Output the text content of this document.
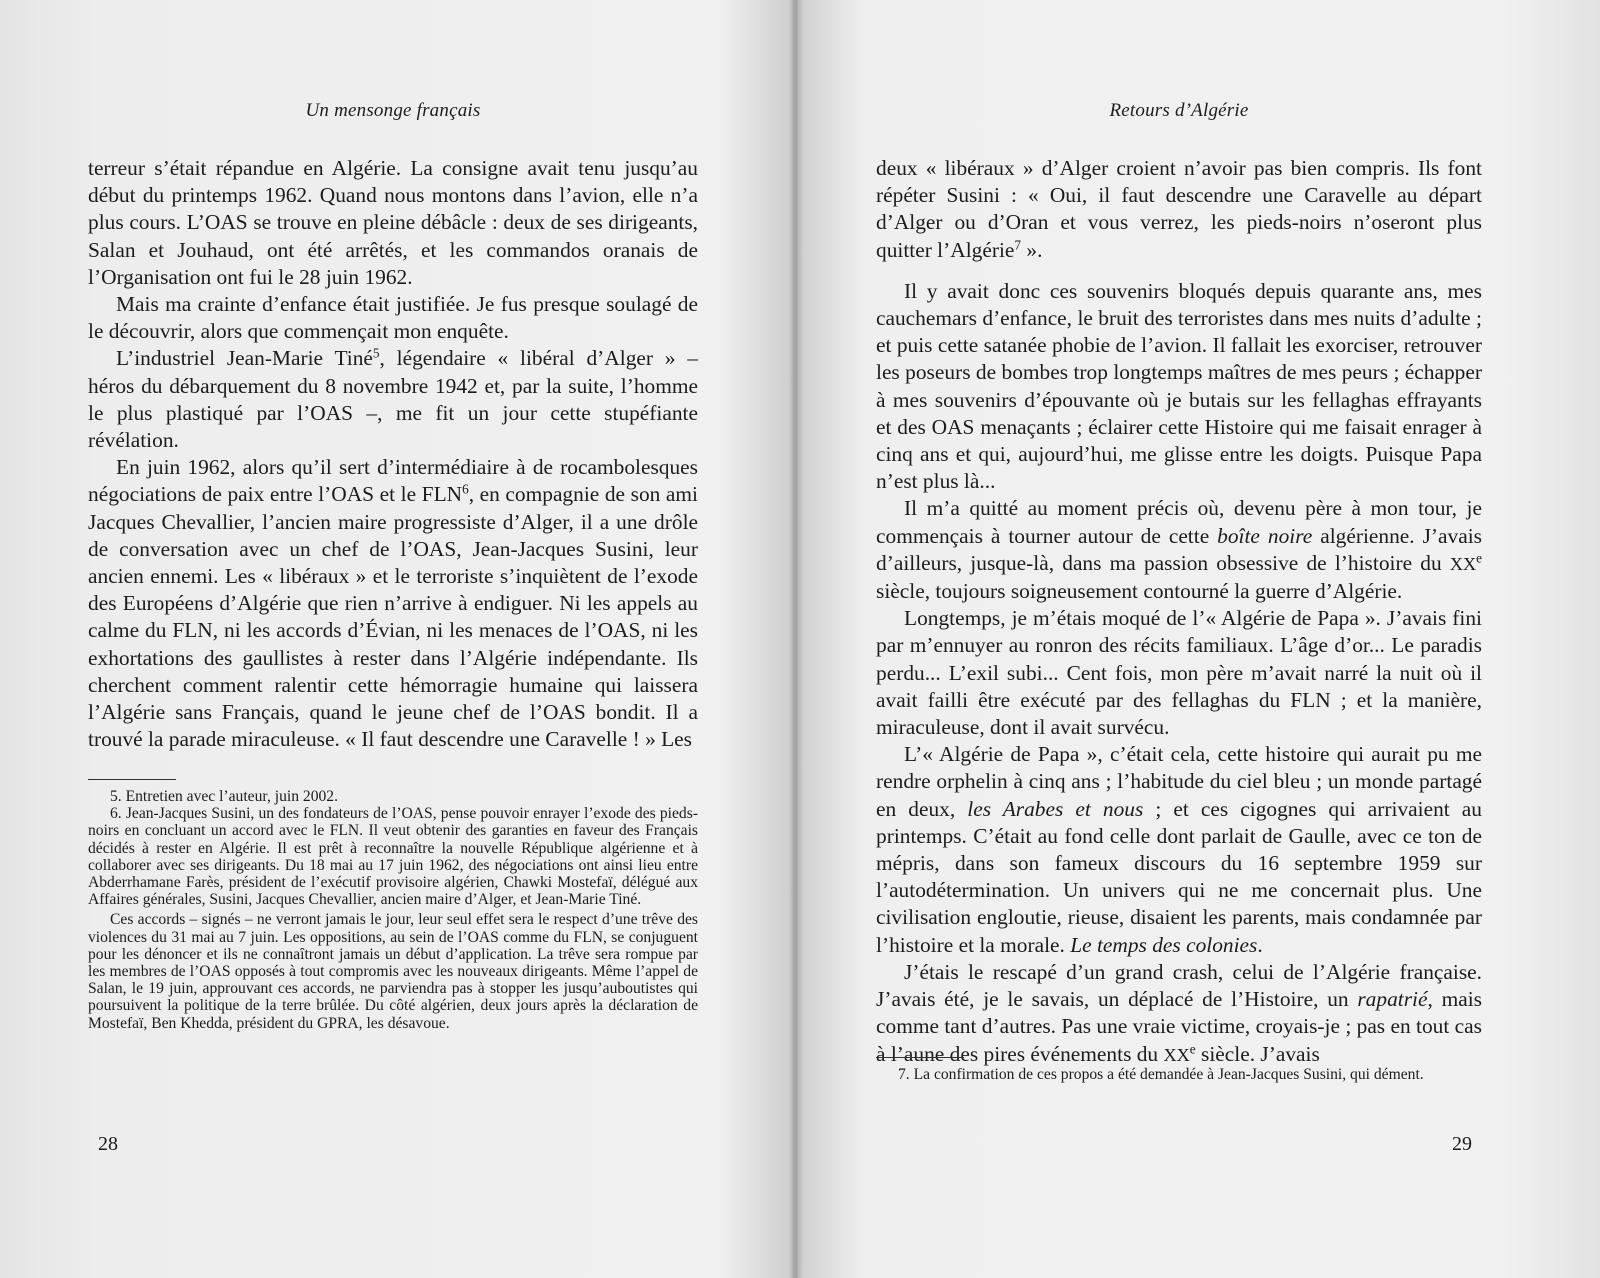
Un mensonge français

terreur s’était répandue en Algérie. La consigne avait tenu jusqu’au début du printemps 1962. Quand nous montons dans l’avion, elle n’a plus cours. L’OAS se trouve en pleine débâcle : deux de ses dirigeants, Salan et Jouhaud, ont été arrêtés, et les commandos oranais de l’Organisation ont fui le 28 juin 1962.

Mais ma crainte d’enfance était justifiée. Je fus presque soulagé de le découvrir, alors que commençait mon enquête.

L’industriel Jean-Marie Tiné$^5$, légendaire « libéral d’Alger » – héros du débarquement du 8 novembre 1942 et, par la suite, l’homme le plus plastiqué par l’OAS –, me fit un jour cette stupéfiante révélation.

En juin 1962, alors qu’il sert d’intermédiaire à de rocambolesques négociations de paix entre l’OAS et le FLN$^6$, en compagnie de son ami Jacques Chevallier, l’ancien maire progressiste d’Alger, il a une drôle de conversation avec un chef de l’OAS, Jean-Jacques Susini, leur ancien ennemi. Les « libéraux » et le terroriste s’inquiètent de l’exode des Européens d’Algérie que rien n’arrive à endiguer. Ni les appels au calme du FLN, ni les accords d’Évian, ni les menaces de l’OAS, ni les exhortations des gaullistes à rester dans l’Algérie indépendante. Ils cherchent comment ralentir cette hémorragie humaine qui laissera l’Algérie sans Français, quand le jeune chef de l’OAS bondit. Il a trouvé la parade miraculeuse. « Il faut descendre une Caravelle ! » Les

5. Entretien avec l’auteur, juin 2002.

6. Jean-Jacques Susini, un des fondateurs de l’OAS, pense pouvoir enrayer l’exode des pieds-noirs en concluant un accord avec le FLN. Il veut obtenir des garanties en faveur des Français décidés à rester en Algérie. Il est prêt à reconnaître la nouvelle République algérienne et à collaborer avec ses dirigeants. Du 18 mai au 17 juin 1962, des négociations ont ainsi lieu entre Abderrhamane Farès, président de l’exécutif provisoire algérien, Chawki Mostefaï, délégué aux Affaires générales, Susini, Jacques Chevallier, ancien maire d’Alger, et Jean-Marie Tiné.

Ces accords – signés – ne verront jamais le jour, leur seul effet sera le respect d’une trêve des violences du 31 mai au 7 juin. Les oppositions, au sein de l’OAS comme du FLN, se conjuguent pour les dénoncer et ils ne connaîtront jamais un début d’application. La trêve sera rompue par les membres de l’OAS opposés à tout compromis avec les nouveaux dirigeants. Même l’appel de Salan, le 19 juin, approuvant ces accords, ne parviendra pas à stopper les jusqu’auboutistes qui poursuivent la politique de la terre brûlée. Du côté algérien, deux jours après la déclaration de Mostefaï, Ben Khedda, président du GPRA, les désavoue.

28
Retours d’Algérie

deux « libéraux » d’Alger croient n’avoir pas bien compris. Ils font répéter Susini : « Oui, il faut descendre une Caravelle au départ d’Alger ou d’Oran et vous verrez, les pieds-noirs n’oseront plus quitter l’Algérie$^7$ ».

Il y avait donc ces souvenirs bloqués depuis quarante ans, mes cauchemars d’enfance, le bruit des terroristes dans mes nuits d’adulte ; et puis cette satanée phobie de l’avion. Il fallait les exorciser, retrouver les poseurs de bombes trop longtemps maîtres de mes peurs ; échapper à mes souvenirs d’épouvante où je butais sur les fellaghas effrayants et des OAS menaçants ; éclairer cette Histoire qui me faisait enrager à cinq ans et qui, aujourd’hui, me glisse entre les doigts. Puisque Papa n’est plus là...

Il m’a quitté au moment précis où, devenu père à mon tour, je commençais à tourner autour de cette boîte noire algérienne. J’avais d’ailleurs, jusque-là, dans ma passion obsessive de l’histoire du XXe siècle, toujours soigneusement contourné la guerre d’Algérie.

Longtemps, je m’étais moqué de l’« Algérie de Papa ». J’avais fini par m’ennuyer au ronron des récits familiaux. L’âge d’or... Le paradis perdu... L’exil subi... Cent fois, mon père m’avait narré la nuit où il avait failli être exécuté par des fellaghas du FLN ; et la manière, miraculeuse, dont il avait survécu.

L’« Algérie de Papa », c’était cela, cette histoire qui aurait pu me rendre orphelin à cinq ans ; l’habitude du ciel bleu ; un monde partagé en deux, les Arabes et nous ; et ces cigognes qui arrivaient au printemps. C’était au fond celle dont parlait de Gaulle, avec ce ton de mépris, dans son fameux discours du 16 septembre 1959 sur l’autodétermination. Un univers qui ne me concernait plus. Une civilisation engloutie, rieuse, disaient les parents, mais condamnée par l’histoire et la morale. Le temps des colonies.

J’étais le rescapé d’un grand crash, celui de l’Algérie française. J’avais été, je le savais, un déplacé de l’Histoire, un rapatrié, mais comme tant d’autres. Pas une vraie victime, croyais-je ; pas en tout cas à l’aune des pires événements du XXe siècle. J’avais

7. La confirmation de ces propos a été demandée à Jean-Jacques Susini, qui dément.

29
